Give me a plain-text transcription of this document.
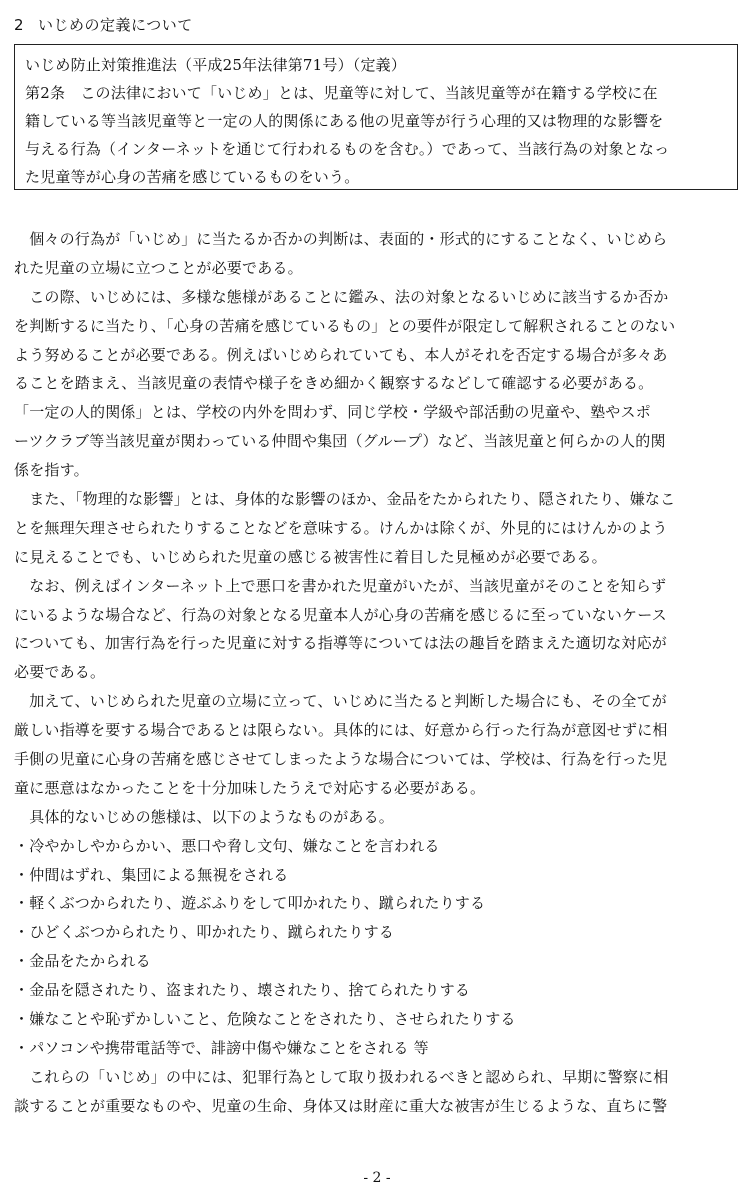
2 いじめの定義について
いじめ防止対策推進法（平成25年法律第71号）（定義）
第2条　この法律において「いじめ」とは、児童等に対して、当該児童等が在籍する学校に在
籍している等当該児童等と一定の人的関係にある他の児童等が行う心理的又は物理的な影響を
与える行為（インターネットを通じて行われるものを含む。）であって、当該行為の対象となっ
た児童等が心身の苦痛を感じているものをいう。
　個々の行為が「いじめ」に当たるか否かの判断は、表面的・形式的にすることなく、いじめら
れた児童の立場に立つことが必要である。
　この際、いじめには、多様な態様があることに鑑み、法の対象となるいじめに該当するか否か
を判断するに当たり、「心身の苦痛を感じているもの」との要件が限定して解釈されることのない
よう努めることが必要である。例えばいじめられていても、本人がそれを否定する場合が多々あ
ることを踏まえ、当該児童の表情や様子をきめ細かく観察するなどして確認する必要がある。
「一定の人的関係」とは、学校の内外を問わず、同じ学校・学級や部活動の児童や、塾やスポ
ーツクラブ等当該児童が関わっている仲間や集団（グループ）など、当該児童と何らかの人的関
係を指す。
　また、「物理的な影響」とは、身体的な影響のほか、金品をたかられたり、隠されたり、嫌なこ
とを無理矢理させられたりすることなどを意味する。けんかは除くが、外見的にはけんかのよう
に見えることでも、いじめられた児童の感じる被害性に着目した見極めが必要である。
　なお、例えばインターネット上で悪口を書かれた児童がいたが、当該児童がそのことを知らず
にいるような場合など、行為の対象となる児童本人が心身の苦痛を感じるに至っていないケース
についても、加害行為を行った児童に対する指導等については法の趣旨を踏まえた適切な対応が
必要である。
　加えて、いじめられた児童の立場に立って、いじめに当たると判断した場合にも、その全てが
厳しい指導を要する場合であるとは限らない。具体的には、好意から行った行為が意図せずに相
手側の児童に心身の苦痛を感じさせてしまったような場合については、学校は、行為を行った児
童に悪意はなかったことを十分加味したうえで対応する必要がある。
　具体的ないじめの態様は、以下のようなものがある。
・冷やかしやからかい、悪口や脅し文句、嫌なことを言われる
・仲間はずれ、集団による無視をされる
・軽くぶつかられたり、遊ぶふりをして叩かれたり、蹴られたりする
・ひどくぶつかられたり、叩かれたり、蹴られたりする
・金品をたかられる
・金品を隠されたり、盗まれたり、壊されたり、捨てられたりする
・嫌なことや恥ずかしいこと、危険なことをされたり、させられたりする
・パソコンや携帯電話等で、誹謗中傷や嫌なことをされる 等
　これらの「いじめ」の中には、犯罪行為として取り扱われるべきと認められ、早期に警察に相
談することが重要なものや、児童の生命、身体又は財産に重大な被害が生じるような、直ちに警
- 2 -
